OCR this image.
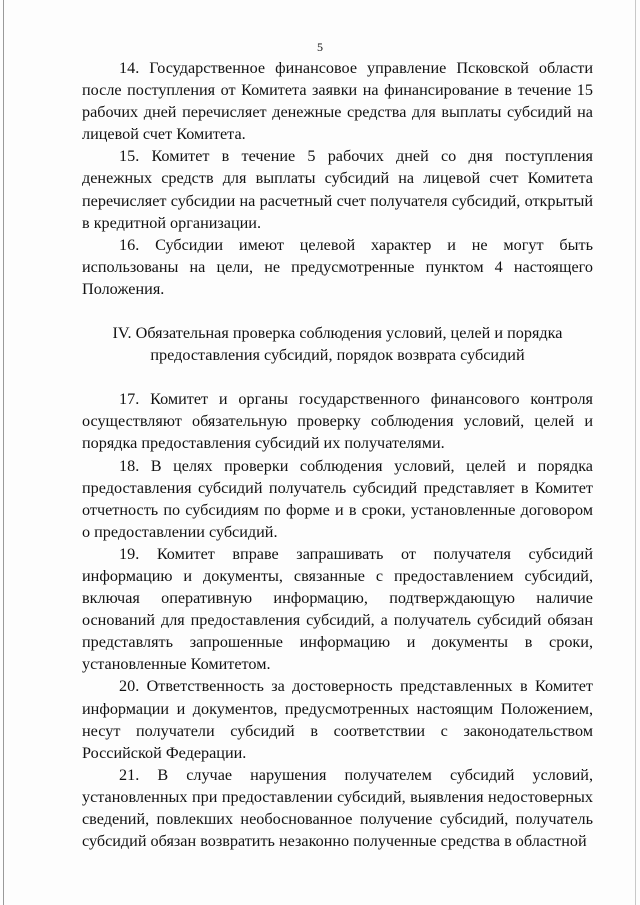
5

14. Государственное финансовое управление Псковской области после поступления от Комитета заявки на финансирование в течение 15 рабочих дней перечисляет денежные средства для выплаты субсидий на лицевой счет Комитета.

15. Комитет в течение 5 рабочих дней со дня поступления денежных средств для выплаты субсидий на лицевой счет Комитета перечисляет субсидии на расчетный счет получателя субсидий, открытый в кредитной организации.

16. Субсидии имеют целевой характер и не могут быть использованы на цели, не предусмотренные пунктом 4 настоящего Положения.

IV. Обязательная проверка соблюдения условий, целей и порядка предоставления субсидий, порядок возврата субсидий

17. Комитет и органы государственного финансового контроля осуществляют обязательную проверку соблюдения условий, целей и порядка предоставления субсидий их получателями.

18. В целях проверки соблюдения условий, целей и порядка предоставления субсидий получатель субсидий представляет в Комитет отчетность по субсидиям по форме и в сроки, установленные договором о предоставлении субсидий.

19. Комитет вправе запрашивать от получателя субсидий информацию и документы, связанные с предоставлением субсидий, включая оперативную информацию, подтверждающую наличие оснований для предоставления субсидий, а получатель субсидий обязан представлять запрошенные информацию и документы в сроки, установленные Комитетом.

20. Ответственность за достоверность представленных в Комитет информации и документов, предусмотренных настоящим Положением, несут получатели субсидий в соответствии с законодательством Российской Федерации.

21. В случае нарушения получателем субсидий условий, установленных при предоставлении субсидий, выявления недостоверных сведений, повлекших необоснованное получение субсидий, получатель субсидий обязан возвратить незаконно полученные средства в областной
